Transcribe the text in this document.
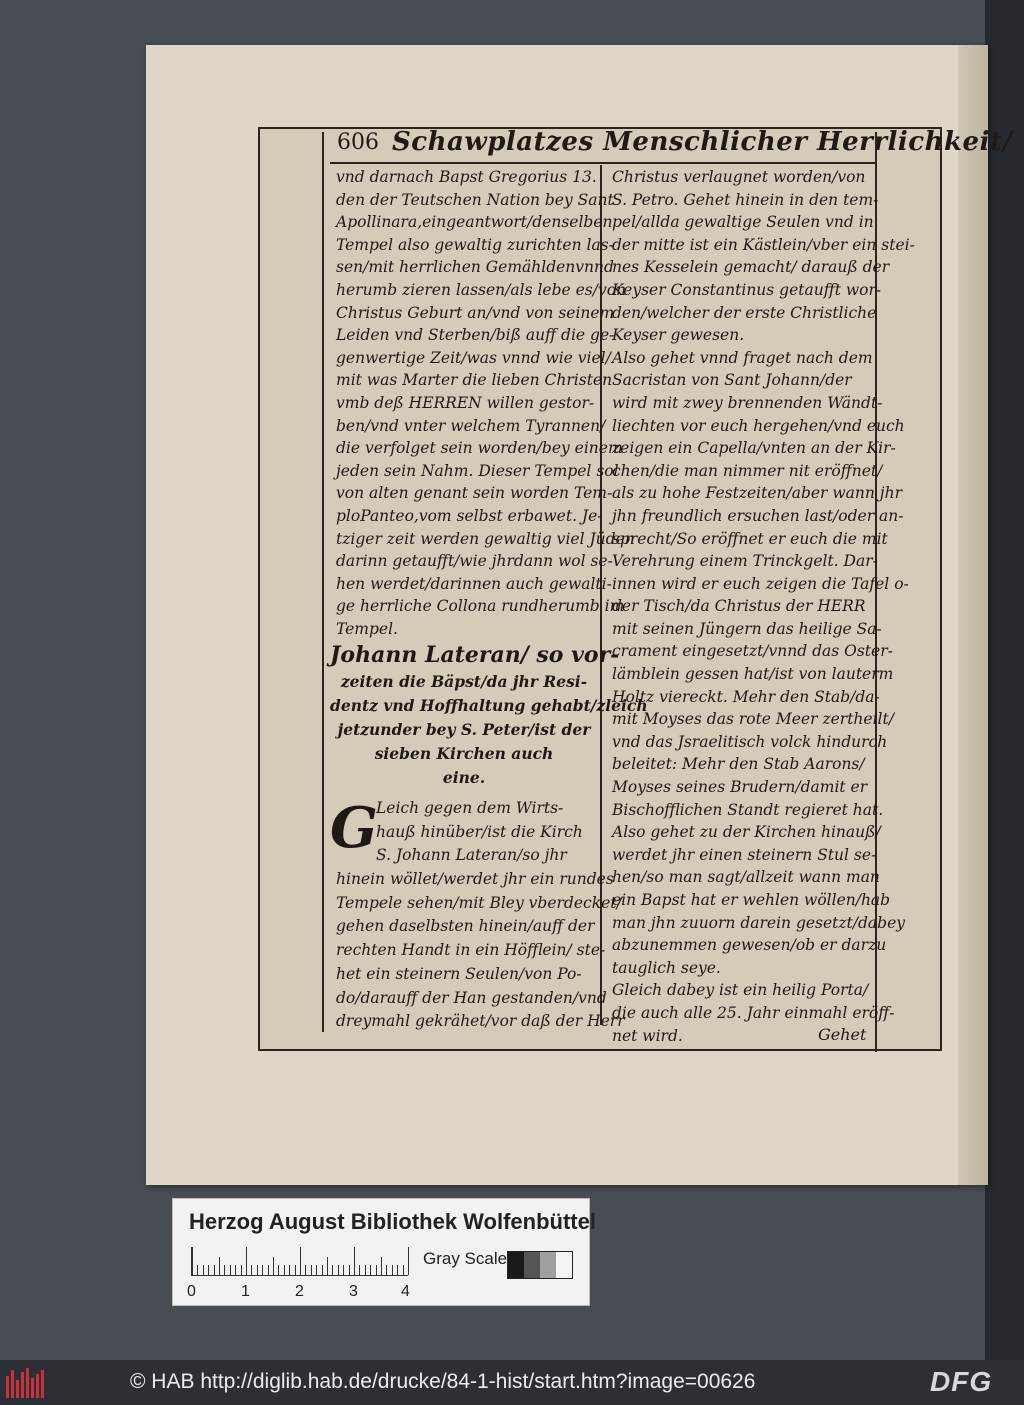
606 Schawplatzes Menschlicher Herrlichkeit/
vnd darnach Bapst Gregorius 13.
den der Teutschen Nation bey Sant
Apollinara,eingeantwort/denselben
Tempel also gewaltig zurichten las-
sen/mit herrlichen Gemähldenvnnd
herumb zieren lassen/als lebe es/von
Christus Geburt an/vnd von seinem
Leiden vnd Sterben/biß auff die ge-
genwertige Zeit/was vnnd wie viel/
mit was Marter die lieben Christen
vmb deß HERREN willen gestor-
ben/vnd vnter welchem Tyrannen/
die verfolget sein worden/bey einem
jeden sein Nahm. Dieser Tempel sol
von alten genant sein worden Tem-
ploPanteo,vom selbst erbawet. Je-
tziger zeit werden gewaltig viel Jüden
darinn getaufft/wie jhrdann wol se-
hen werdet/darinnen auch gewalti-
ge herrliche Collona rundherumb im
Tempel.
Johann Lateran/ so vor-
zeiten die Bäpst/da jhr Resi-
dentz vnd Hoffhaltung gehabt/zleich
jetzunder bey S. Peter/ist der
sieben Kirchen auch
eine.
G
Leich gegen dem Wirts-
hauß hinüber/ist die Kirch
S. Johann Lateran/so jhr
hinein wöllet/werdet jhr ein rundes
Tempele sehen/mit Bley vberdecket/
gehen daselbsten hinein/auff der
rechten Handt in ein Höfflein/ ste-
het ein steinern Seulen/von Po-
do/darauff der Han gestanden/vnd
dreymahl gekrähet/vor daß der Herr
Christus verlaugnet worden/von
S. Petro. Gehet hinein in den tem-
pel/allda gewaltige Seulen vnd in
der mitte ist ein Kästlein/vber ein stei-
nes Kesselein gemacht/ darauß der
Keyser Constantinus getaufft wor-
den/welcher der erste Christliche
Keyser gewesen.
Also gehet vnnd fraget nach dem
Sacristan von Sant Johann/der
wird mit zwey brennenden Wändt-
liechten vor euch hergehen/vnd euch
zeigen ein Capella/vnten an der Kir-
chen/die man nimmer nit eröffnet/
als zu hohe Festzeiten/aber wann jhr
jhn freundlich ersuchen last/oder an-
sprecht/So eröffnet er euch die mit
Verehrung einem Trinckgelt. Dar-
innen wird er euch zeigen die Tafel o-
der Tisch/da Christus der HERR
mit seinen Jüngern das heilige Sa-
crament eingesetzt/vnnd das Oster-
lämblein gessen hat/ist von lauterm
Holtz viereckt. Mehr den Stab/da-
mit Moyses das rote Meer zertheilt/
vnd das Jsraelitisch volck hindurch
beleitet: Mehr den Stab Aarons/
Moyses seines Brudern/damit er
Bischofflichen Standt regieret hat.
Also gehet zu der Kirchen hinauß/
werdet jhr einen steinern Stul se-
hen/so man sagt/allzeit wann man
ein Bapst hat er wehlen wöllen/hab
man jhn zuuorn darein gesetzt/dabey
abzunemmen gewesen/ob er darzu
tauglich seye.
Gleich dabey ist ein heilig Porta/
die auch alle 25. Jahr einmahl eröff-
net wird.	Gehet
Herzog August Bibliothek Wolfenbüttel
0	1	2	3	4
Gray Scale
© HAB http://diglib.hab.de/drucke/84-1-hist/start.htm?image=00626	DFG
